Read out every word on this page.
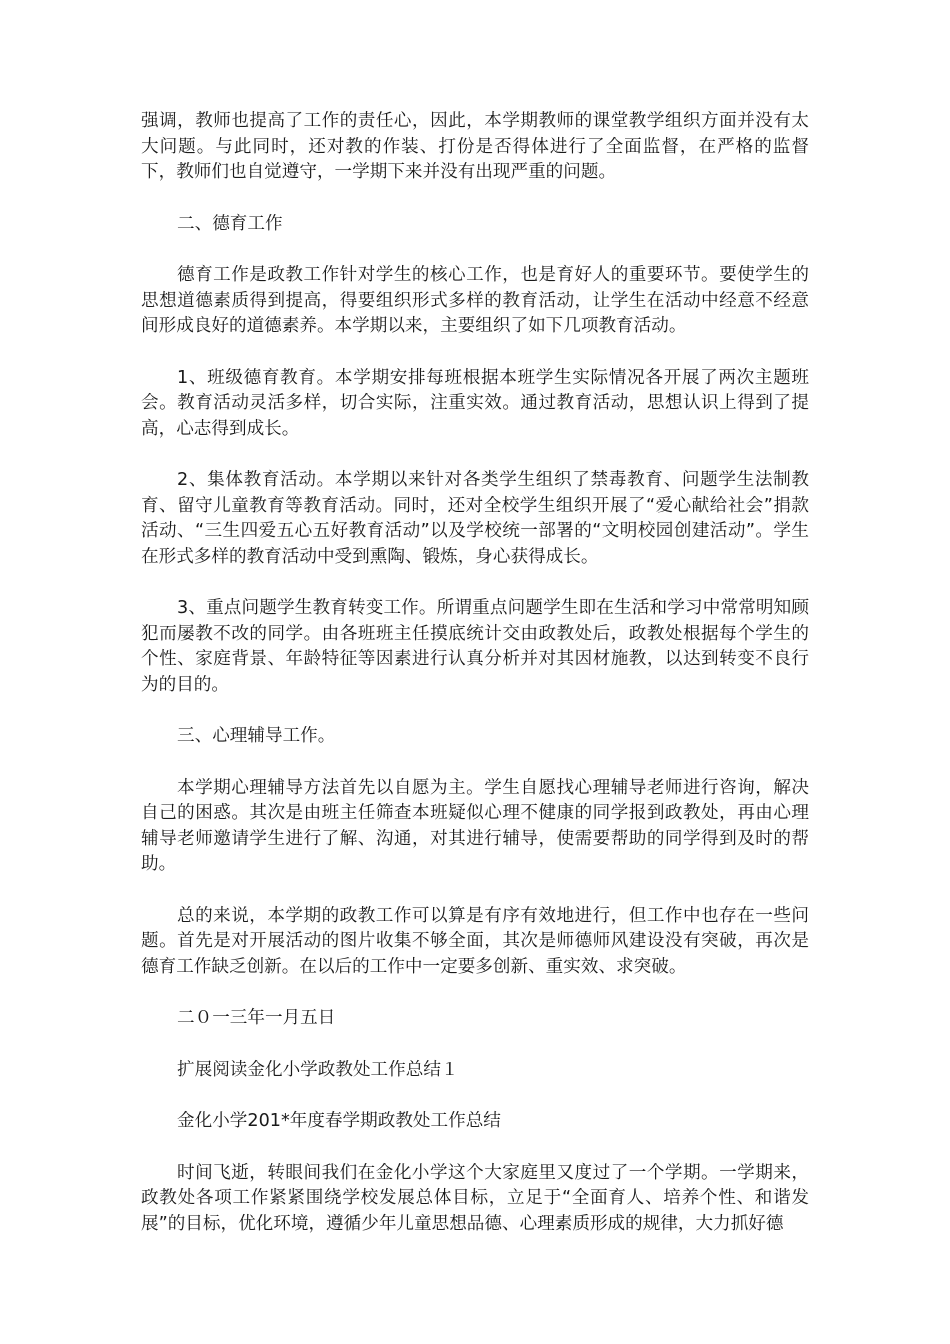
强调，教师也提高了工作的责任心，因此，本学期教师的课堂教学组织方面并没有太大问题。与此同时，还对教的作装、打份是否得体进行了全面监督，在严格的监督下，教师们也自觉遵守，一学期下来并没有出现严重的问题。

二、德育工作

德育工作是政教工作针对学生的核心工作，也是育好人的重要环节。要使学生的思想道德素质得到提高，得要组织形式多样的教育活动，让学生在活动中经意不经意间形成良好的道德素养。本学期以来，主要组织了如下几项教育活动。

1、班级德育教育。本学期安排每班根据本班学生实际情况各开展了两次主题班会。教育活动灵活多样，切合实际，注重实效。通过教育活动，思想认识上得到了提高，心志得到成长。

2、集体教育活动。本学期以来针对各类学生组织了禁毒教育、问题学生法制教育、留守儿童教育等教育活动。同时，还对全校学生组织开展了“爱心献给社会”捐款活动、“三生四爱五心五好教育活动”以及学校统一部署的“文明校园创建活动”。学生在形式多样的教育活动中受到熏陶、锻炼，身心获得成长。

3、重点问题学生教育转变工作。所谓重点问题学生即在生活和学习中常常明知顾犯而屡教不改的同学。由各班班主任摸底统计交由政教处后，政教处根据每个学生的个性、家庭背景、年龄特征等因素进行认真分析并对其因材施教，以达到转变不良行为的目的。

三、心理辅导工作。

本学期心理辅导方法首先以自愿为主。学生自愿找心理辅导老师进行咨询，解决自己的困惑。其次是由班主任筛查本班疑似心理不健康的同学报到政教处，再由心理辅导老师邀请学生进行了解、沟通，对其进行辅导，使需要帮助的同学得到及时的帮助。

总的来说，本学期的政教工作可以算是有序有效地进行，但工作中也存在一些问题。首先是对开展活动的图片收集不够全面，其次是师德师风建设没有突破，再次是德育工作缺乏创新。在以后的工作中一定要多创新、重实效、求突破。

二０一三年一月五日

扩展阅读金化小学政教处工作总结１

金化小学201*年度春学期政教处工作总结

时间飞逝，转眼间我们在金化小学这个大家庭里又度过了一个学期。一学期来，政教处各项工作紧紧围绕学校发展总体目标，立足于“全面育人、培养个性、和谐发展”的目标，优化环境，遵循少年儿童思想品德、心理素质形成的规律，大力抓好德
